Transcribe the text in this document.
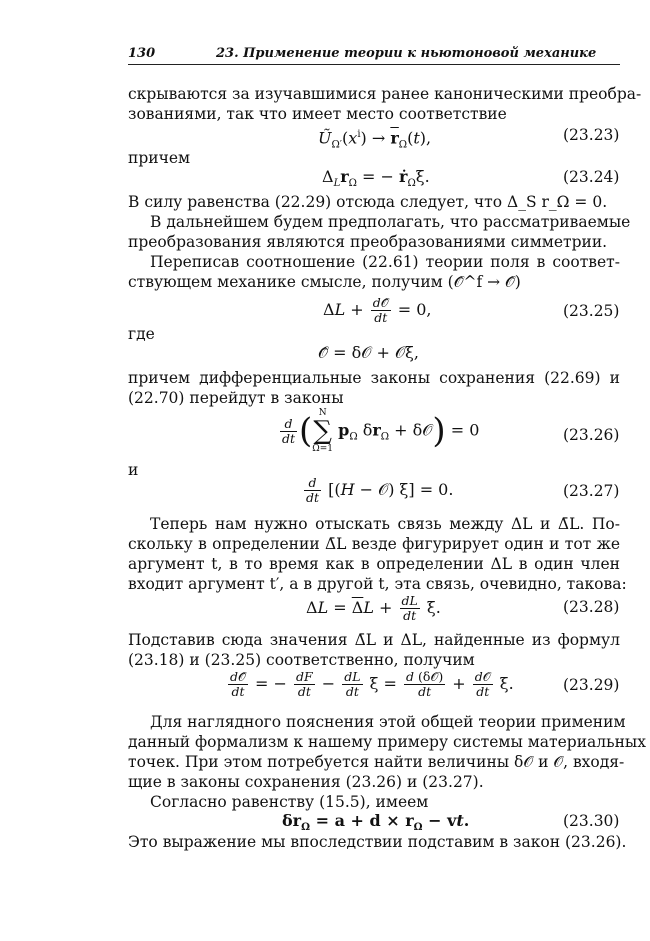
130	23. Применение теории к ньютоновой механике
скрываются за изучавшимися ранее каноническими преобра-
зованиями, так что имеет место соответствие
$Ũ_{\Omega'}(x^i) \to \overline{r}_\Omega(t)$,	(23.23)
причем
$\Delta_Lr_\Omega$ = − ṙ$_\Omega$ξ.	(23.24)
В силу равенства (22.29) отсюда следует, что Δ_S r_Ω = 0.
В дальнейшем будем предполагать, что рассматриваемые
преобразования являются преобразованиями симметрии.
Переписав соотношение (22.61) теории поля в соответ-
ствующем механике смысле, получим (𝒪̂^f → 𝒪̂)
$\Delta L + \frac{\text{d𝒪̂}}{dt} = 0$,	(23.25)
где
𝒪̂ = δ𝒪 + 𝒪ξ,
причем дифференциальные законы сохранения (22.69) и
(22.70) перейдут в законы
$\frac{d}{dt}$ ( N
∑
Ω=1 $p_\Omega$ $\delta r_\Omega$ + δ𝒪) = 0	(23.26)
и
$\frac{d}{dt} [(H$ − 𝒪) ξ] = 0.	(23.27)
Теперь нам нужно отыскать связь между ΔL и Δ̄L. По-
скольку в определении Δ̄L везде фигурирует один и тот же
аргумент t, в то время как в определении ΔL в один член
входит аргумент t′, а в другой t, эта связь, очевидно, такова:
$\Delta L = \overline{\Delta}L + \frac{dL}{dt} \xi$.	(23.28)
Подставив сюда значения Δ̄L и ΔL, найденные из формул
(23.18) и (23.25) соответственно, получим
$\frac{\text{d𝒪̂}}{dt}$ = − $\frac{dF}{dt} - \frac{dL}{dt}$ $\xi = \frac{\text{d (δ𝒪)}}{dt} + \frac{\text{d𝒪}}{dt} \xi$.	(23.29)
Для наглядного пояснения этой общей теории применим
данный формализм к нашему примеру системы материальных
точек. При этом потребуется найти величины δ𝒪 и 𝒪, входя-
щие в законы сохранения (23.26) и (23.27).
Согласно равенству (15.5), имеем
$\delta r_\Omega = a + d \times r_\Omega$ − vt.	(23.30)
Это выражение мы впоследствии подставим в закон (23.26).
